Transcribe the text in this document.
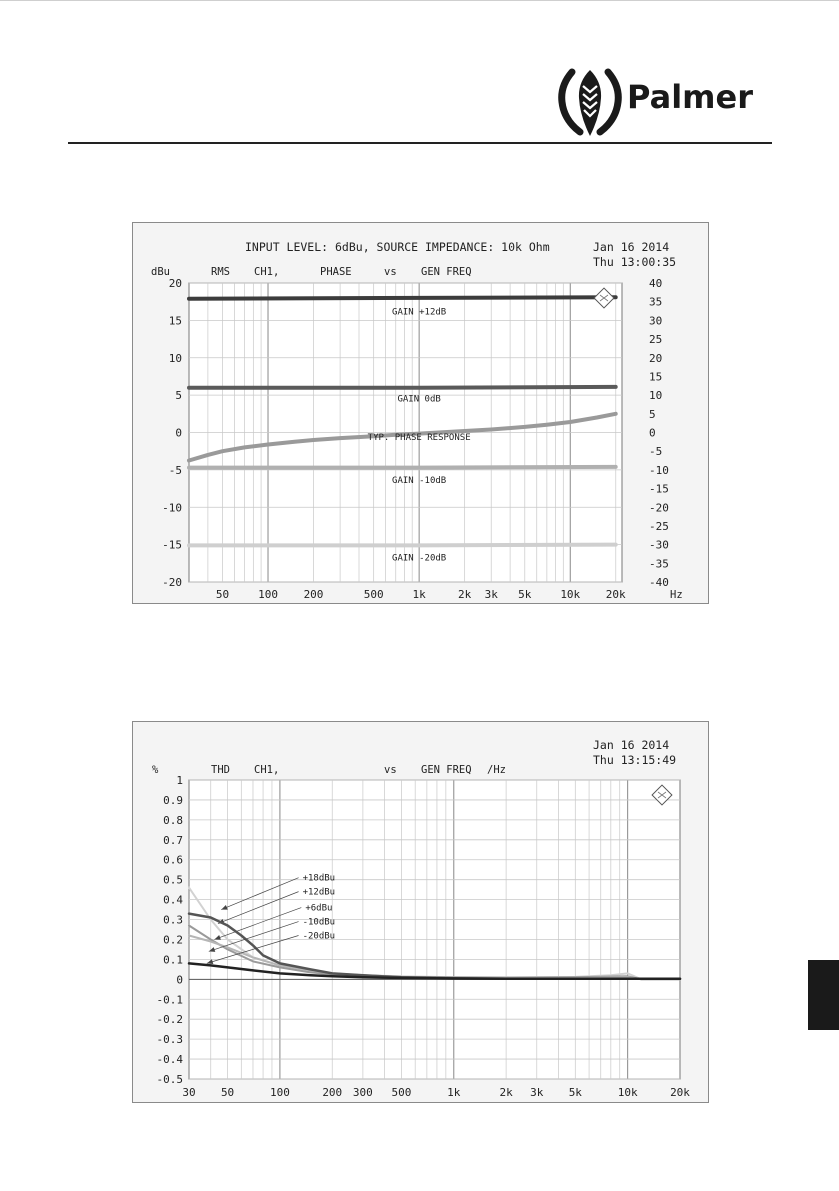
Palmer
GAIN +12dB
GAIN 0dB
TYP. PHASE RESPONSE
GAIN -10dB
GAIN -20dB
INPUT LEVEL: 6dBu, SOURCE IMPEDANCE: 10k Ohm	Jan 16 2014
Thu 13:00:35
dBu	RMS CH1,	PHASE	vs GEN FREQ
Hz
20
15
10
5
0
-5
-10
-15
-20
40
35
30
25
20
15
10
5
0
-5
-10
-15
-20
-25
-30
-35
-40
50	100 200	500	1k	2k 3k 5k	10k 20k
+18dBu
+12dBu
+6dBu
-10dBu
-20dBu
Jan 16 2014
Thu 13:15:49
%	THD CH1,	vs GEN FREQ /Hz
1
0.9
0.8
0.7
0.6
0.5
0.4
0.3
0.2
0.1
0
-0.1
-0.2
-0.3
-0.4
-0.5
30 50	100	200 300 500	1k	2k 3k 5k	10k	20k
